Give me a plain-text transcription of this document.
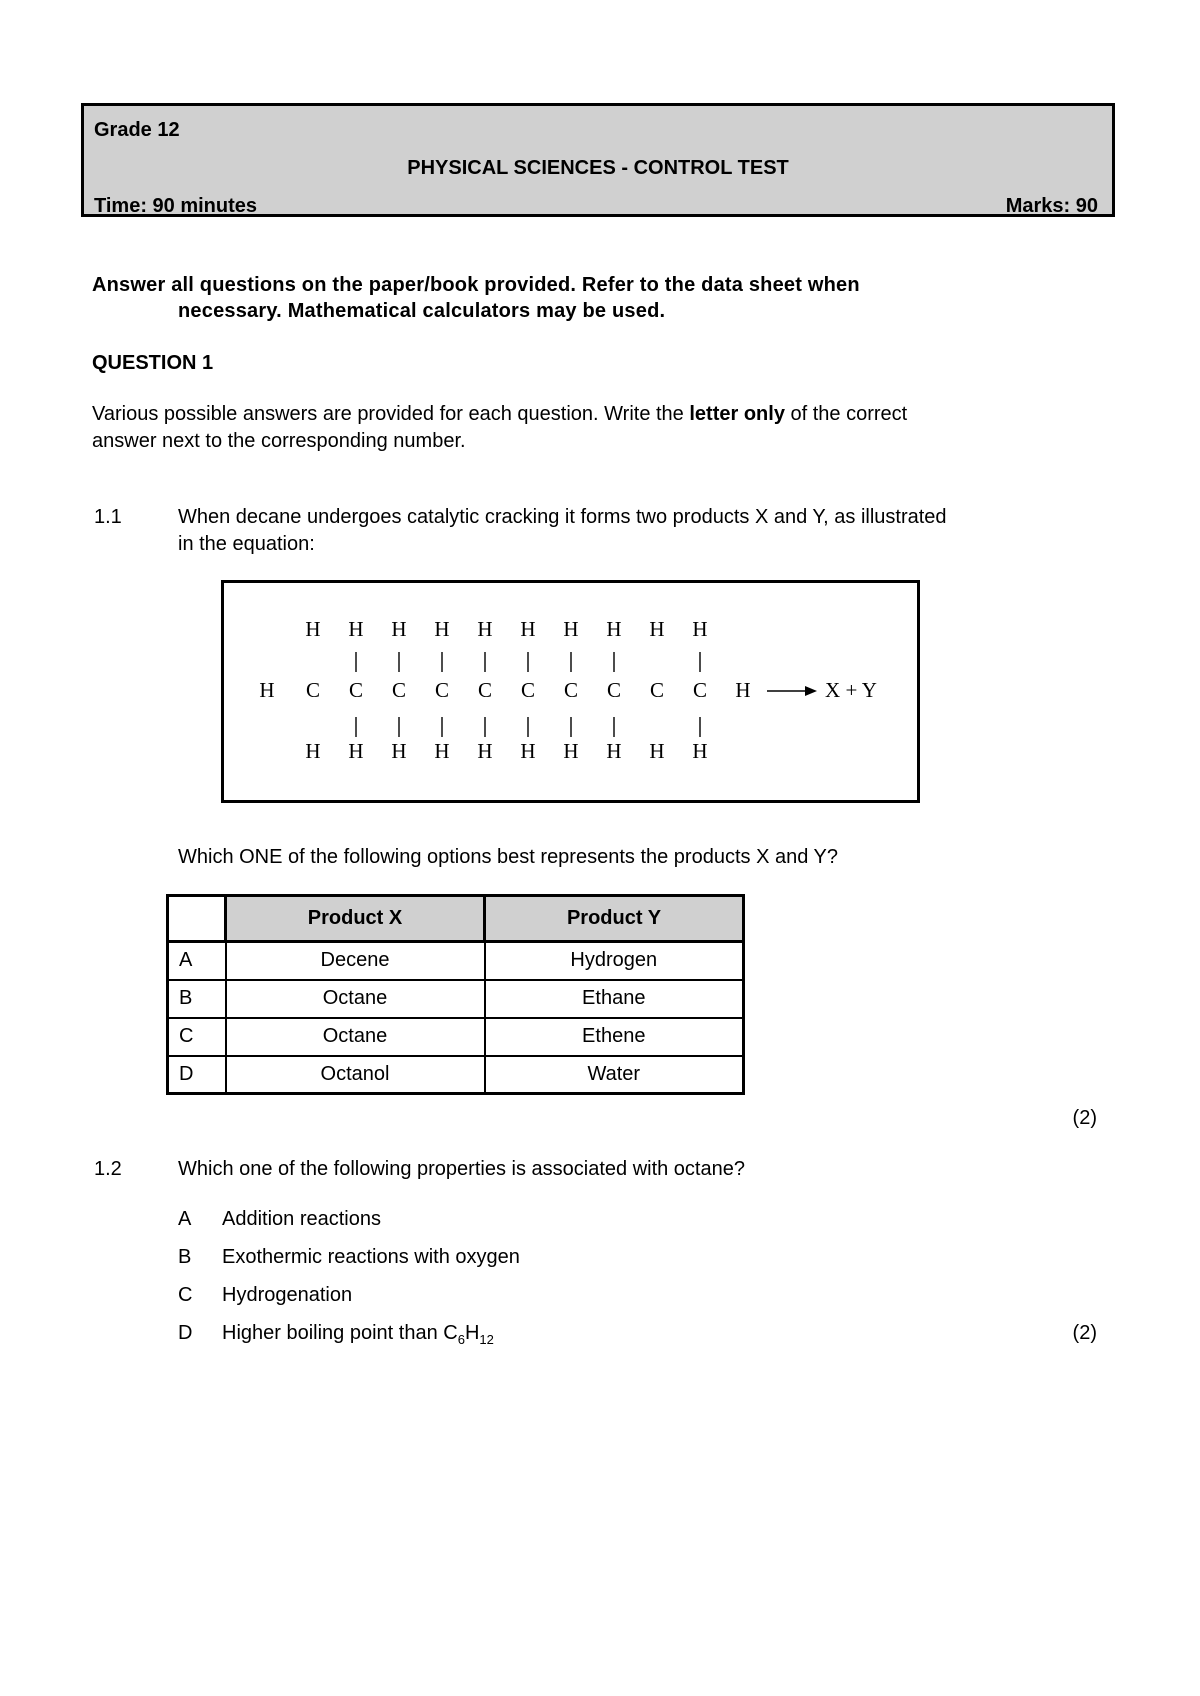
Grade 12
PHYSICAL SCIENCES - CONTROL TEST
Time: 90 minutes	Marks: 90
Answer all questions on the paper/book provided. Refer to the data sheet when
necessary. Mathematical calculators may be used.
QUESTION 1
Various possible answers are provided for each question. Write the letter only of the correct
answer next to the corresponding number.
1.1	When decane undergoes catalytic cracking it forms two products X and Y, as illustrated
in the equation:
H
H
C
H
H
C
H
H
C
H
H
C
H
H
C
H
H
C
H
H
C
H
H
C
H
H
C
H
H
C
H
H	X + Y
Which ONE of the following options best represents the products X and Y?
	Product X	Product Y
A	Decene	Hydrogen
B	Octane	Ethane
C	Octane	Ethene
D	Octanol	Water
(2)
1.2	Which one of the following properties is associated with octane?
A Addition reactions
B Exothermic reactions with oxygen
C Hydrogenation
D Higher boiling point than $C_6H_{12}$	(2)
